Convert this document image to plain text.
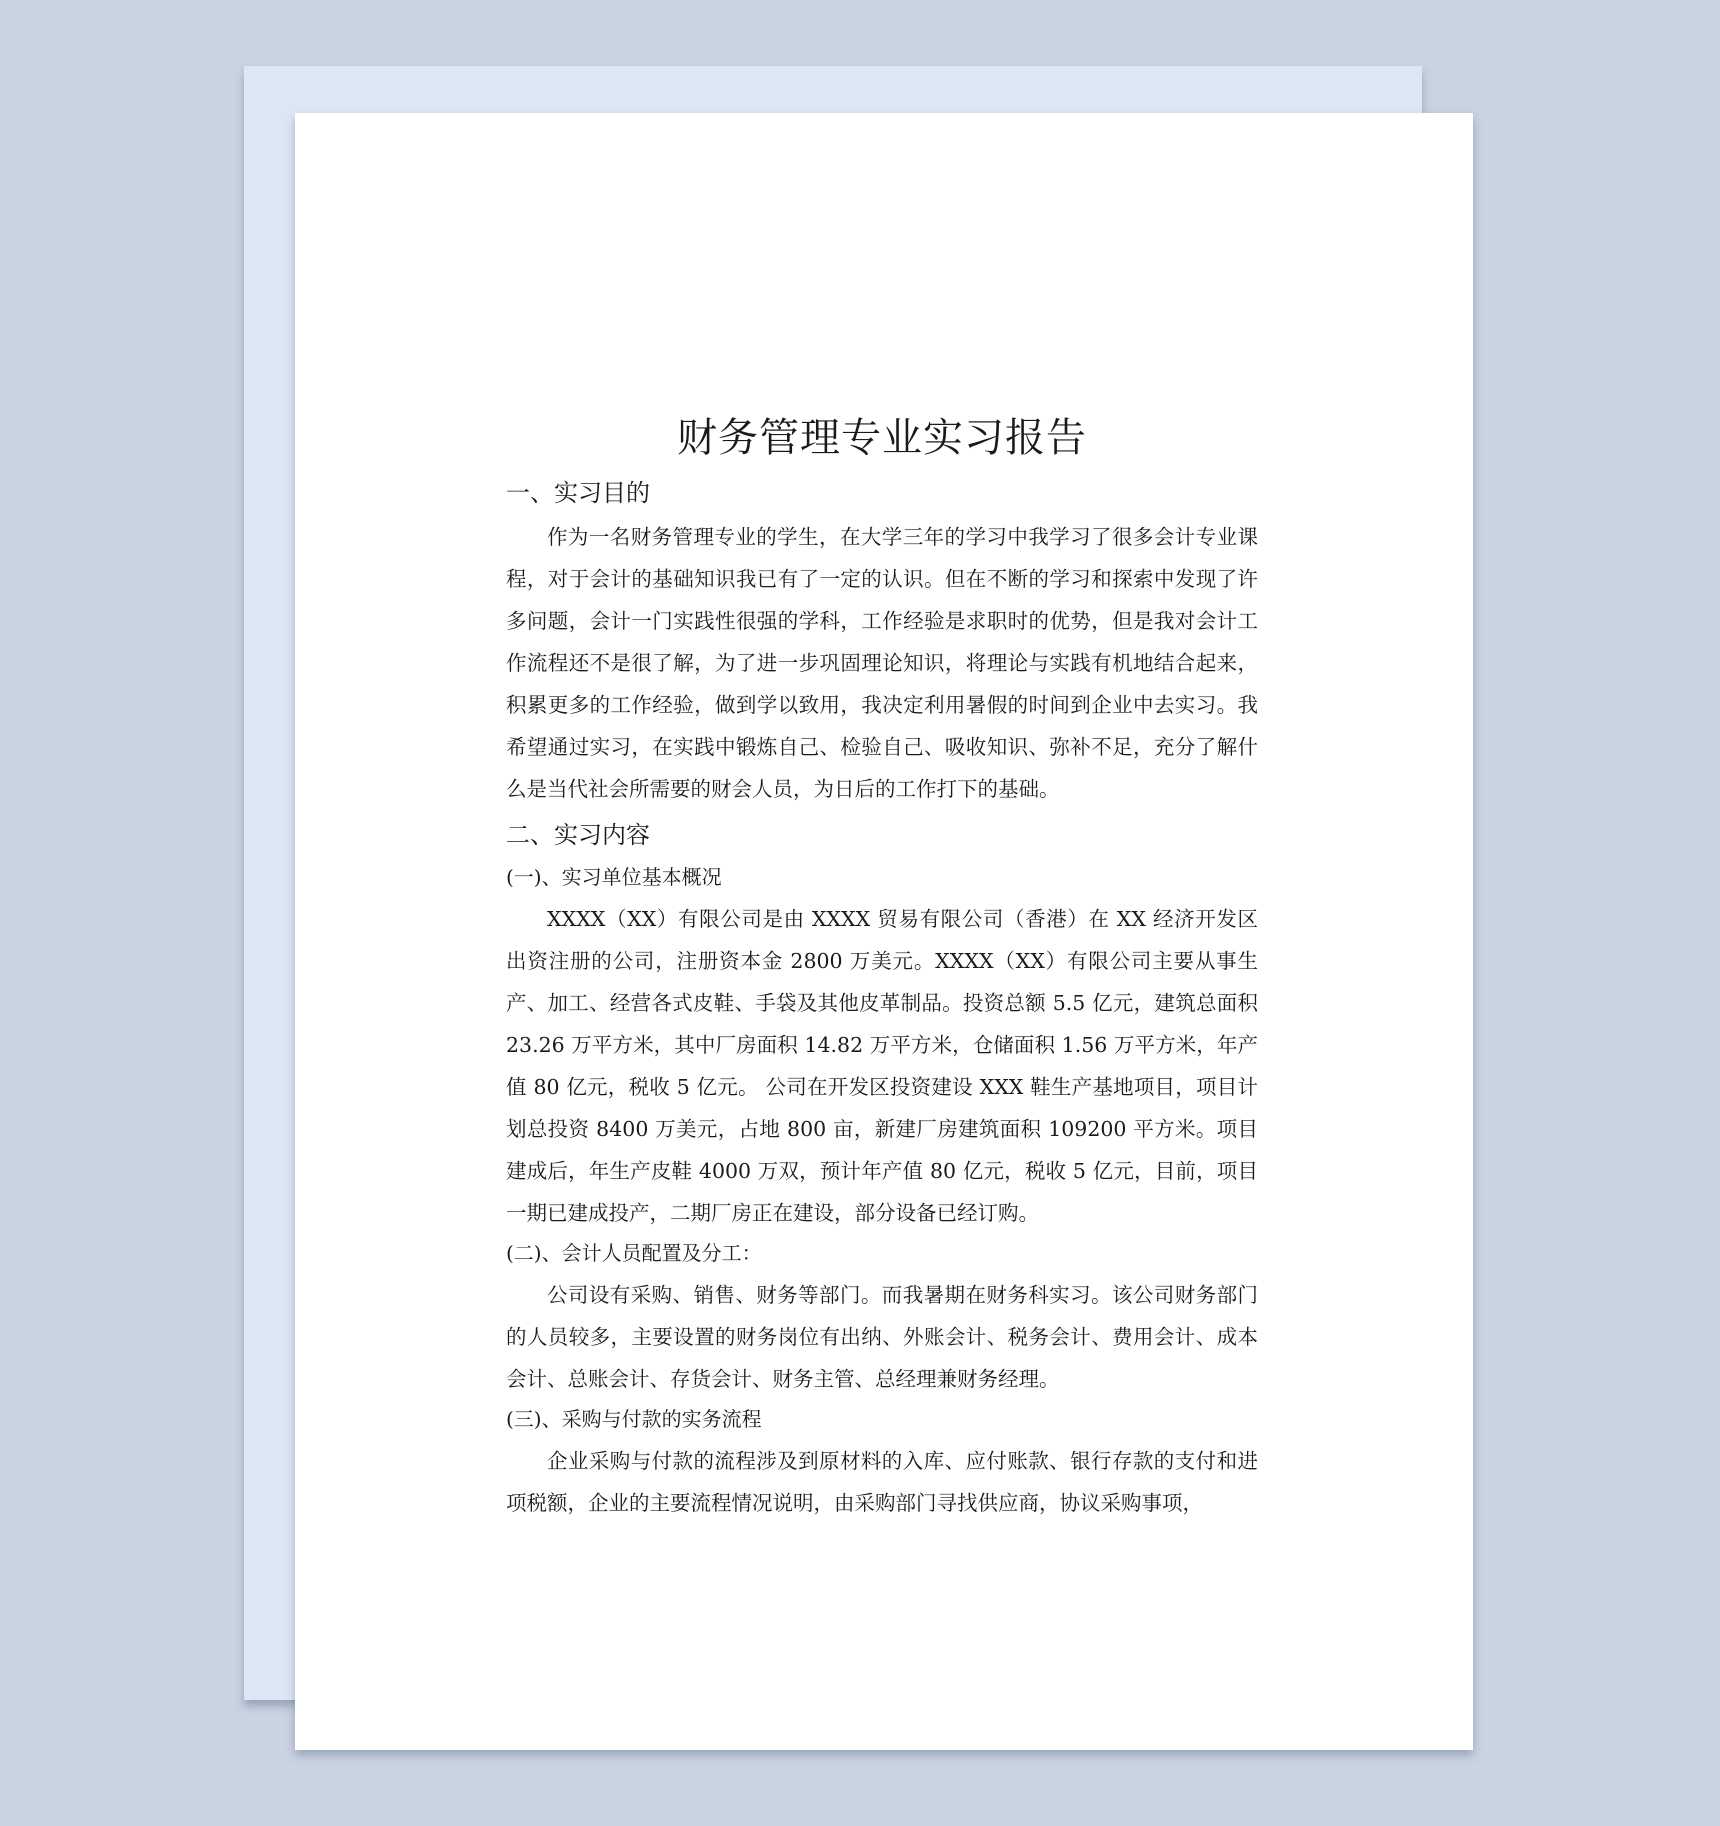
财务管理专业实习报告
一、实习目的

作为一名财务管理专业的学生，在大学三年的学习中我学习了很多会计专业课程，对于会计的基础知识我已有了一定的认识。但在不断的学习和探索中发现了许多问题，会计一门实践性很强的学科，工作经验是求职时的优势，但是我对会计工作流程还不是很了解，为了进一步巩固理论知识，将理论与实践有机地结合起来，积累更多的工作经验，做到学以致用，我决定利用暑假的时间到企业中去实习。我希望通过实习，在实践中锻炼自己、检验自己、吸收知识、弥补不足，充分了解什么是当代社会所需要的财会人员，为日后的工作打下的基础。

二、实习内容
(一)、实习单位基本概况

XXXX（XX）有限公司是由 XXXX 贸易有限公司（香港）在 XX 经济开发区出资注册的公司，注册资本金 2800 万美元。XXXX（XX）有限公司主要从事生产、加工、经营各式皮鞋、手袋及其他皮革制品。投资总额 5.5 亿元，建筑总面积 23.26 万平方米，其中厂房面积 14.82 万平方米，仓储面积 1.56 万平方米，年产值 80 亿元，税收 5 亿元。 公司在开发区投资建设 XXX 鞋生产基地项目，项目计划总投资 8400 万美元，占地 800 亩，新建厂房建筑面积 109200 平方米。项目建成后，年生产皮鞋 4000 万双，预计年产值 80 亿元，税收 5 亿元，目前，项目一期已建成投产，二期厂房正在建设，部分设备已经订购。

(二)、会计人员配置及分工：

公司设有采购、销售、财务等部门。而我暑期在财务科实习。该公司财务部门的人员较多，主要设置的财务岗位有出纳、外账会计、税务会计、费用会计、成本会计、总账会计、存货会计、财务主管、总经理兼财务经理。

(三)、采购与付款的实务流程

企业采购与付款的流程涉及到原材料的入库、应付账款、银行存款的支付和进项税额，企业的主要流程情况说明，由采购部门寻找供应商，协议采购事项，
